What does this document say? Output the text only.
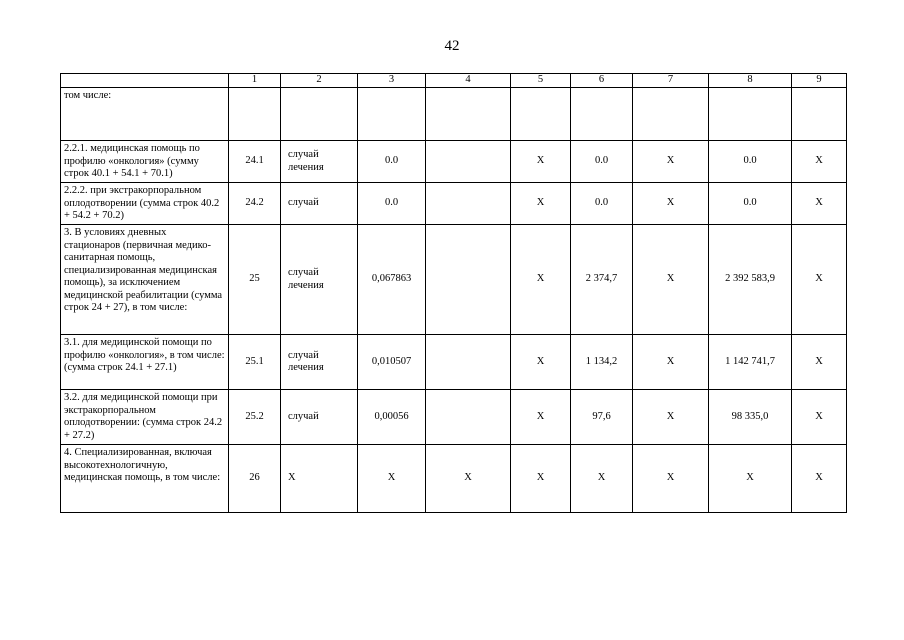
42
	1	2	3	4	5	6	7	8	9
том числе:									
2.2.1. медицинская помощь по профилю «онкология» (сумму строк 40.1 + 54.1 + 70.1)	24.1	случай лечения	0.0		X	0.0	X	0.0	X
2.2.2. при экстракорпоральном оплодотворении (сумма строк 40.2 + 54.2 + 70.2)	24.2	случай	0.0		X	0.0	X	0.0	X
3. В условиях дневных стационаров (первичная медико-санитарная помощь, специализированная медицинская помощь), за исключением медицинской реабилитации (сумма строк 24 + 27), в том числе:	25	случай лечения	0,067863		X	2 374,7	X	2 392 583,9	X
3.1. для медицинской помощи по профилю «онкология», в том числе: (сумма строк 24.1 + 27.1)	25.1	случай лечения	0,010507		X	1 134,2	X	1 142 741,7	X
3.2. для медицинской помощи при экстракорпоральном оплодотворении: (сумма строк 24.2 + 27.2)	25.2	случай	0,00056		X	97,6	X	98 335,0	X
4. Специализированная, включая высокотехнологичную, медицинская помощь, в том числе:	26	X	X	X	X	X	X	X	X
